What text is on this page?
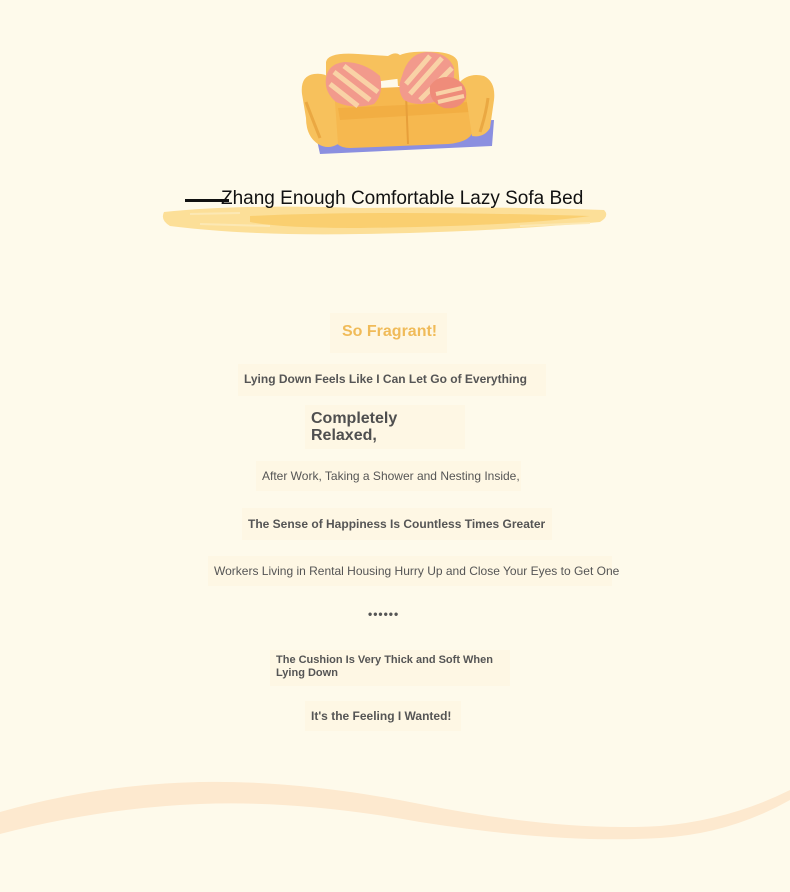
Zhang Enough Comfortable Lazy Sofa Bed
So Fragrant!
Lying Down Feels Like I Can Let Go of Everything
Completely Relaxed,
After Work, Taking a Shower and Nesting Inside,
The Sense of Happiness Is Countless Times Greater
Workers Living in Rental Housing Hurry Up and Close Your Eyes to Get One
••••••
The Cushion Is Very Thick and Soft When Lying Down
It's the Feeling I Wanted!
